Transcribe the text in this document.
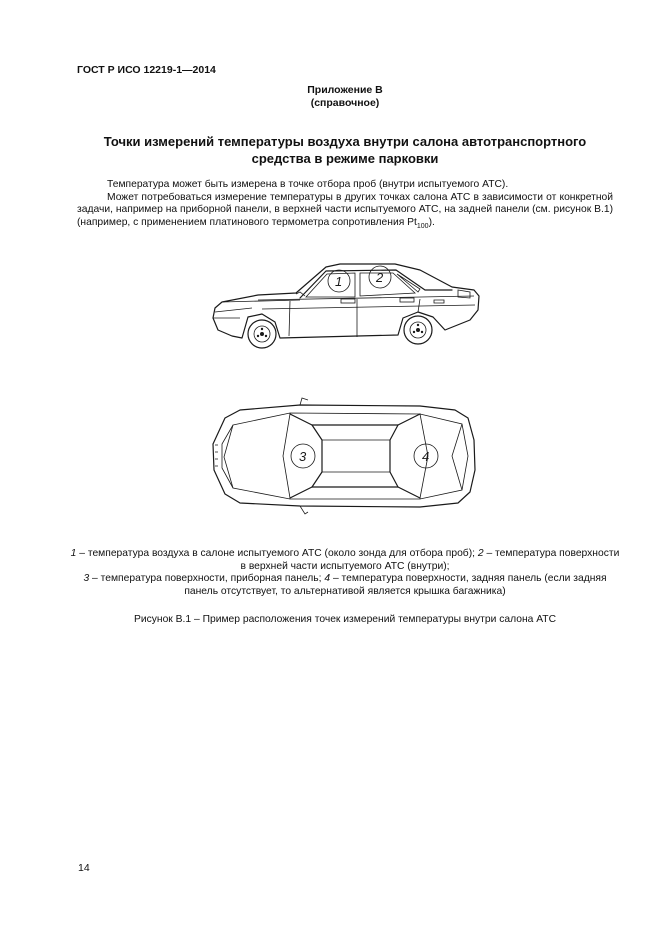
ГОСТ Р ИСО 12219-1—2014
Приложение В
(справочное)
Точки измерений температуры воздуха внутри салона автотранспортного средства в режиме парковки

Температура может быть измерена в точке отбора проб (внутри испытуемого АТС).

Может потребоваться измерение температуры в других точках салона АТС в зависимости от конкретной задачи, например на приборной панели, в верхней части испытуемого АТС, на задней панели (см. рисунок В.1) (например, с применением платинового термометра сопротивления $Pt_{100}$).

1	2
3	4

1 – температура воздуха в салоне испытуемого АТС (около зонда для отбора проб); 2 – температура поверхности в верхней части испытуемого АТС (внутри);

3 – температура поверхности, приборная панель; 4 – температура поверхности, задняя панель (если задняя панель отсутствует, то альтернативой является крышка багажника)

Рисунок В.1 – Пример расположения точек измерений температуры внутри салона АТС
14
